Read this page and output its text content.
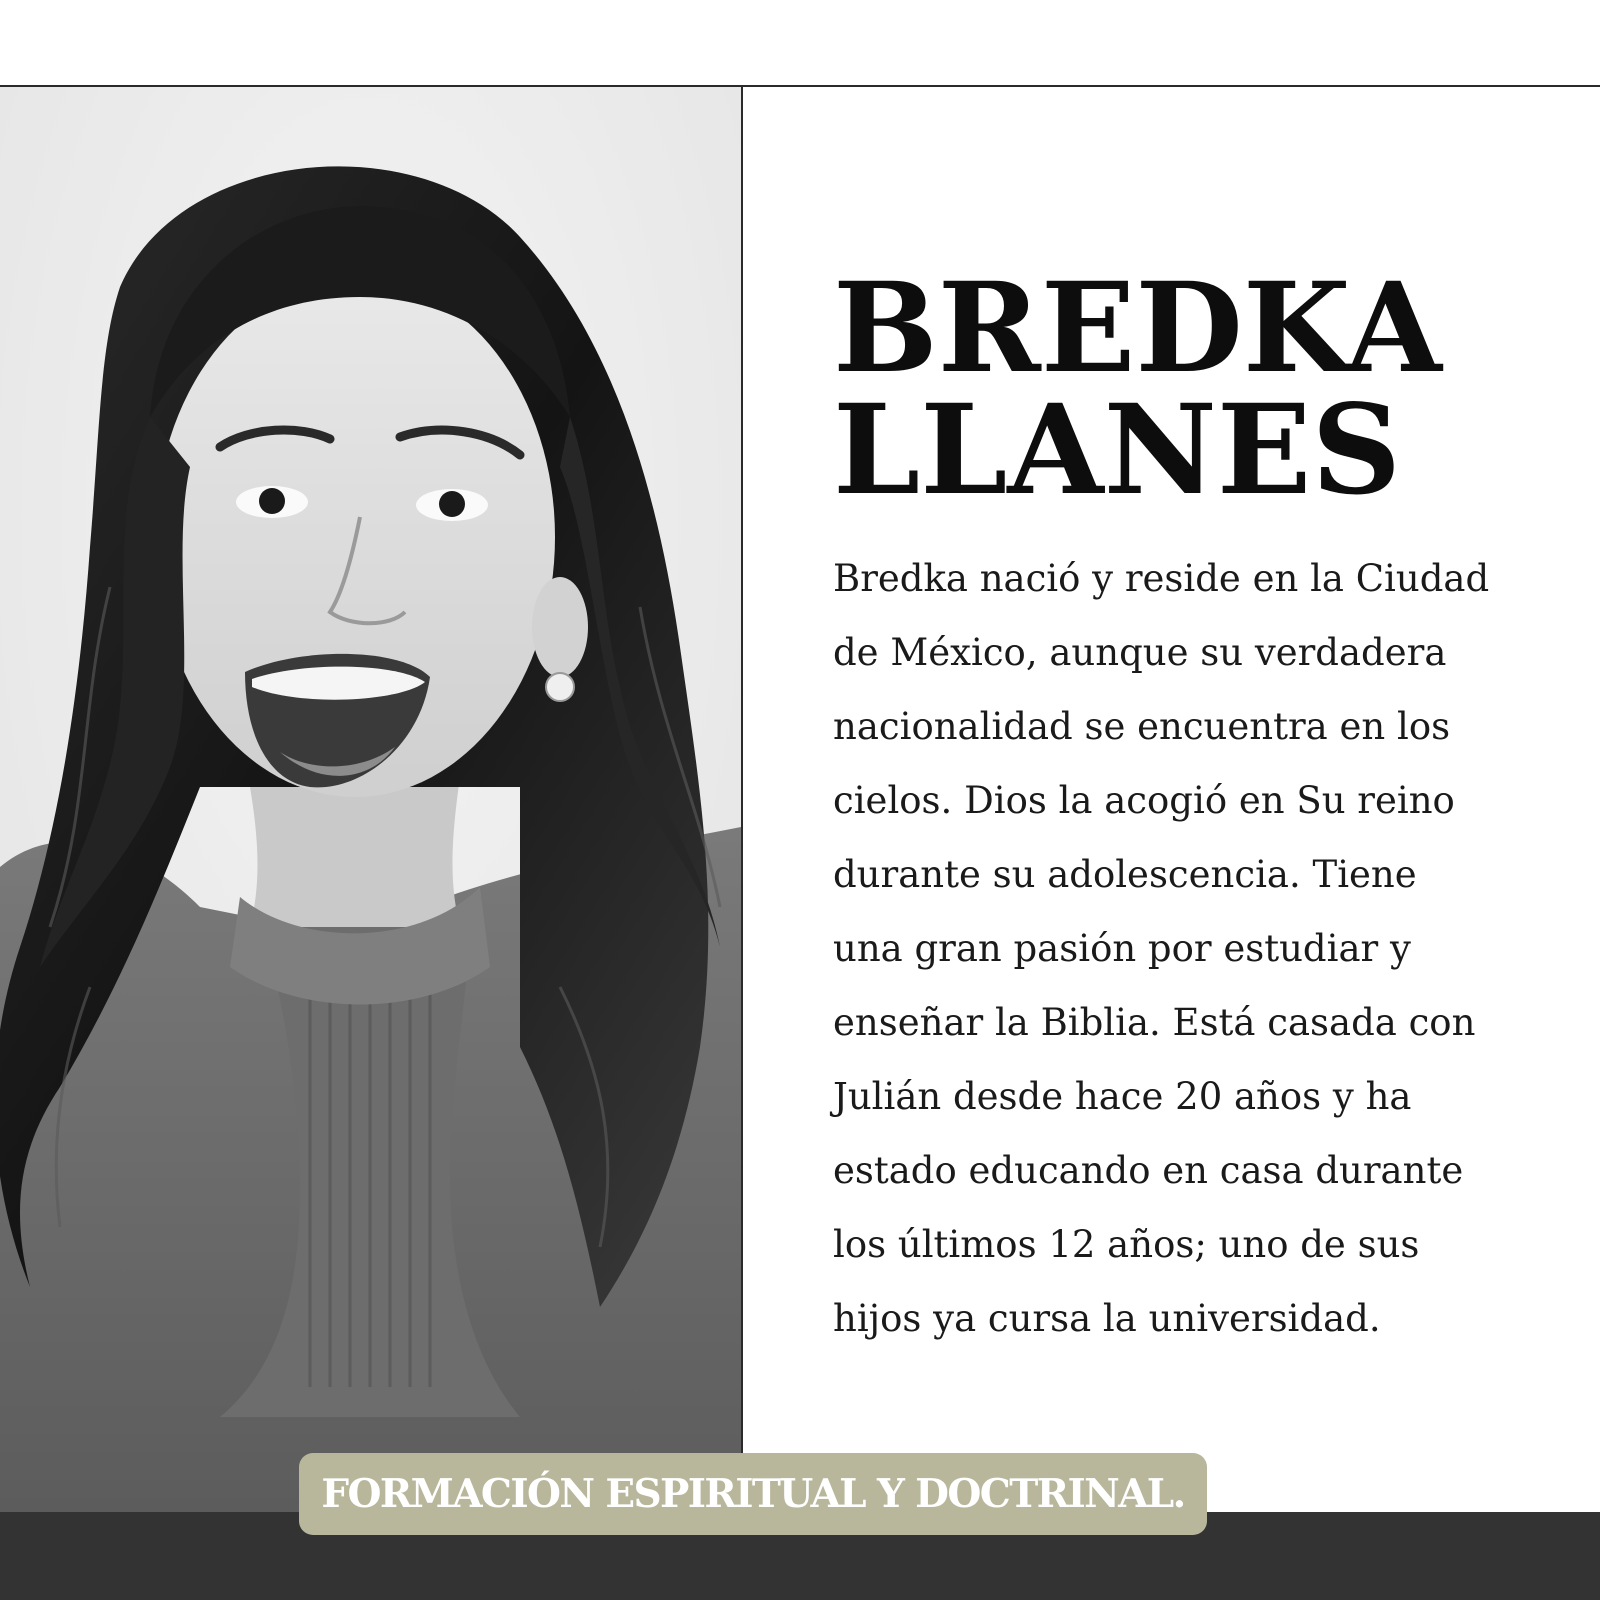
BREDKA
LLANES

Bredka nació y reside en la Ciudad
de México, aunque su verdadera
nacionalidad se encuentra en los
cielos. Dios la acogió en Su reino
durante su adolescencia. Tiene
una gran pasión por estudiar y
enseñar la Biblia. Está casada con
Julián desde hace 20 años y ha
estado educando en casa durante
los últimos 12 años; uno de sus
hijos ya cursa la universidad.

FORMACIÓN ESPIRITUAL Y DOCTRINAL.
